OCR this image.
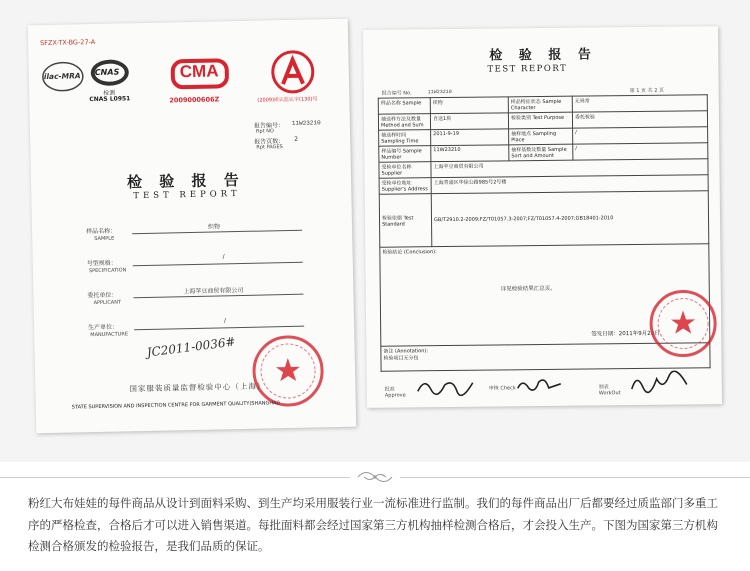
SFZX-TX-BG-27-A
ilac-MRA CNAS
检测
CNAS L0951
CMA
2009000606Z	(2009)质认监认字(130)号
报告编号： 11W23210
Rpt NO
报告页数： 2
Rpt PAGES
检 验 报 告
TEST REPORT
样品名称：
SAMPLE
织物
号型规格：
SPECIFICATION
/
委托单位：
APPLICANT
上海苹豆商贸有限公司
生产单位：
MANUFACTURE
/
JC2011-0036#
国家服装质量监督检验中心（上海）
STATE SUPERVISION AND INSPECTION CENTRE FOR GARMENT QUALITY(SHANGHAI)
检 验 报 告
TEST REPORT
报告编号 No.	11W23210	第 1 页 共 2 页
样品名称 Sample	织物	样品特征状态 Sample Character	无异常
抽送样方法及数量 Method and Sum	自送1块	检验类别 Test Purpose	委托检验
抽送样时间 Sampling Time	2011-9-19	抽样地点 Sampling Place	/
样品编号 Sample Number	11W23210	抽样基数及数量 Sample Sort and Amount	/
受检单位名称 Supplier	上海苹豆商贸有限公司		
受检单位地址 Supplier's Address	上海青浦区华徐公路985号2号楼		
检验依据 Test Standard	GB/T2910.2-2009;FZ/T01057.3-2007;FZ/T01057.4-2007;GB18401-2010		

检验结论 (Conclusion):
详见检验结果汇总页。
签发日期：2011年9月23日			

备注 (Annotation):
检验项目无分包			
批准 Approve
审核 Check	制表 WorkOut
粉红大布娃娃的每件商品从设计到面料采购、到生产均采用服装行业一流标准进行监制。我们的每件商品出厂后都要经过质监部门多重工序的严格检查，合格后才可以进入销售渠道。每批面料都会经过国家第三方机构抽样检测合格后，才会投入生产。下图为国家第三方机构检测合格颁发的检验报告，是我们品质的保证。
